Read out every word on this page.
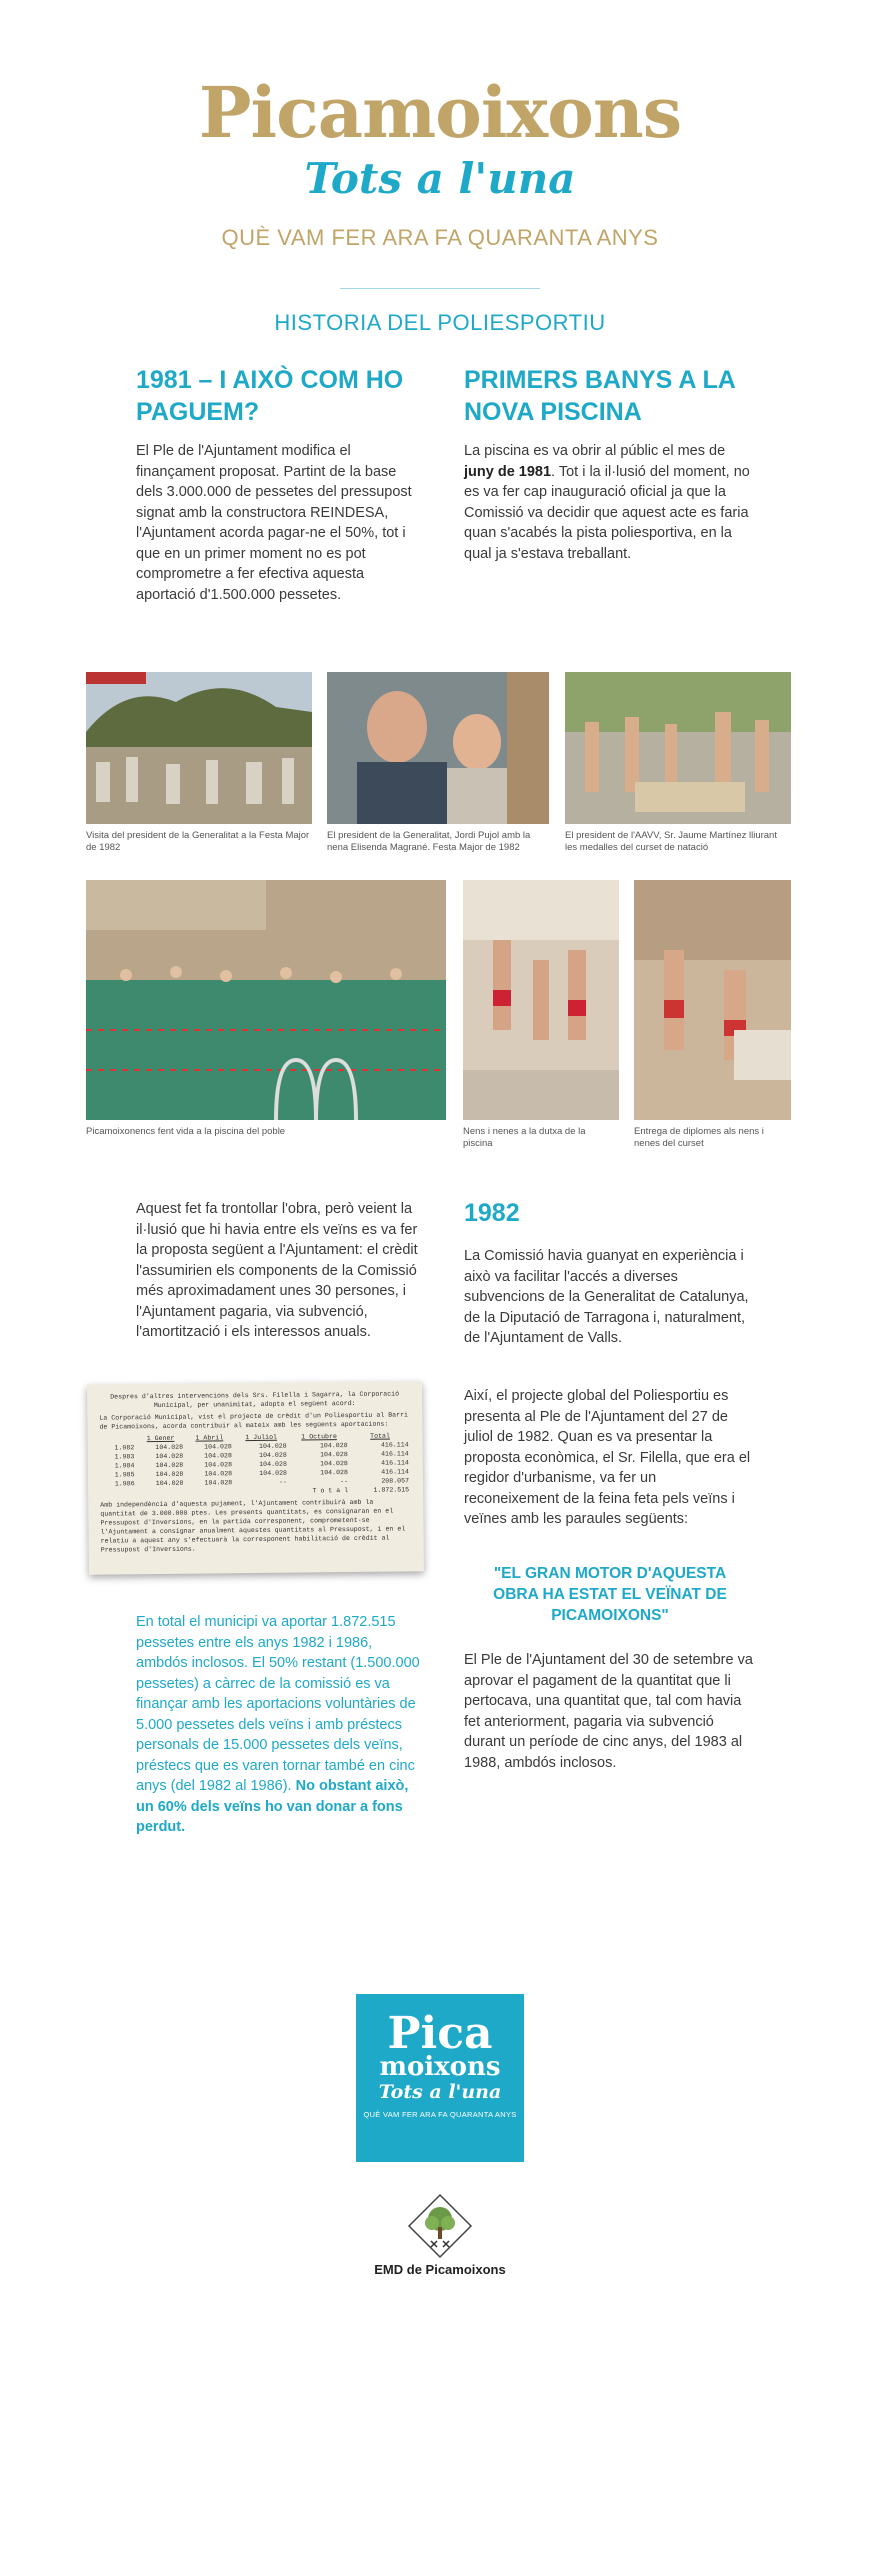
Picamoixons
Tots a l'una
QUÈ VAM FER ARA FA QUARANTA ANYS
HISTORIA DEL POLIESPORTIU
1981 – I AIXÒ COM HO PAGUEM?
El Ple de l'Ajuntament modifica el finançament proposat. Partint de la base dels 3.000.000 de pessetes del pressupost signat amb la constructora REINDESA, l'Ajuntament acorda pagar-ne el 50%, tot i que en un primer moment no es pot comprometre a fer efectiva aquesta aportació d'1.500.000 pessetes.
PRIMERS BANYS A LA NOVA PISCINA
La piscina es va obrir al públic el mes de juny de 1981. Tot i la il·lusió del moment, no es va fer cap inauguració oficial ja que la Comissió va decidir que aquest acte es faria quan s'acabés la pista poliesportiva, en la qual ja s'estava treballant.
Visita del president de la Generalitat a la Festa Major de 1982
El president de la Generalitat, Jordi Pujol amb la nena Elisenda Magrané. Festa Major de 1982
El president de l'AAVV, Sr. Jaume Martínez lliurant les medalles del curset de natació
Picamoixonencs fent vida a la piscina del poble	Nens i nenes a la dutxa de la piscina
Entrega de diplomes als nens i nenes del curset
Aquest fet fa trontollar l'obra, però veient la il·lusió que hi havia entre els veïns es va fer la proposta següent a l'Ajuntament: el crèdit l'assumirien els components de la Comissió més aproximadament unes 30 persones, i l'Ajuntament pagaria, via subvenció, l'amortització i els interessos anuals.
Despres d'altres intervencions dels Srs. Filella i Sagarra, la Corporació Municipal, per unanimitat, adopta el següent acord:
La Corporació Municipal, vist el projecte de crèdit d'un Poliesportiu al Barri de Picamoixons, acorda contribuir al mateix amb les següents aportacions:
	1 Gener	1 Abril	1 Juliol	1 Octubre	Total
1.982	104.028	104.028	104.028	104.028	416.114
1.983	104.028	104.028	104.028	104.028	416.114
1.984	104.028	104.028	104.028	104.028	416.114
1.985	104.028	104.028	104.028	104.028	416.114
1.986	104.028	104.028	--	--	208.057
			T o t a l		1.872.515
Amb independència d'aquesta pujament, l'Ajuntament contribuirà amb la quantitat de 3.000.000 ptes. Les presents quantitats, es consignaran en el Pressupost d'Inversions, en la partida corresponent, comprometent-se l'Ajuntament a consignar anualment aquestes quantitats al Pressupost, i en el relatiu a aquest any s'efectuarà la corresponent habilitació de crèdit al Pressupost d'Inversions.
En total el municipi va aportar 1.872.515 pessetes entre els anys 1982 i 1986, ambdós inclosos. El 50% restant (1.500.000 pessetes) a càrrec de la comissió es va finançar amb les aportacions voluntàries de 5.000 pessetes dels veïns i amb préstecs personals de 15.000 pessetes dels veïns, préstecs que es varen tornar també en cinc anys (del 1982 al 1986). No obstant això, un 60% dels veïns ho van donar a fons perdut.
1982
La Comissió havia guanyat en experiència i això va facilitar l'accés a diverses subvencions de la Generalitat de Catalunya, de la Diputació de Tarragona i, naturalment, de l'Ajuntament de Valls.
Així, el projecte global del Poliesportiu es presenta al Ple de l'Ajuntament del 27 de juliol de 1982. Quan es va presentar la proposta econòmica, el Sr. Filella, que era el regidor d'urbanisme, va fer un reconeixement de la feina feta pels veïns i veïnes amb les paraules següents:
"EL GRAN MOTOR D'AQUESTA OBRA HA ESTAT EL VEÏNAT DE PICAMOIXONS"
El Ple de l'Ajuntament del 30 de setembre va aprovar el pagament de la quantitat que li pertocava, una quantitat que, tal com havia fet anteriorment, pagaria via subvenció durant un període de cinc anys, del 1983 al 1988, ambdós inclosos.
Pica
moixons
Tots a l'una
QUÈ VAM FER ARA FA QUARANTA ANYS
EMD de Picamoixons
